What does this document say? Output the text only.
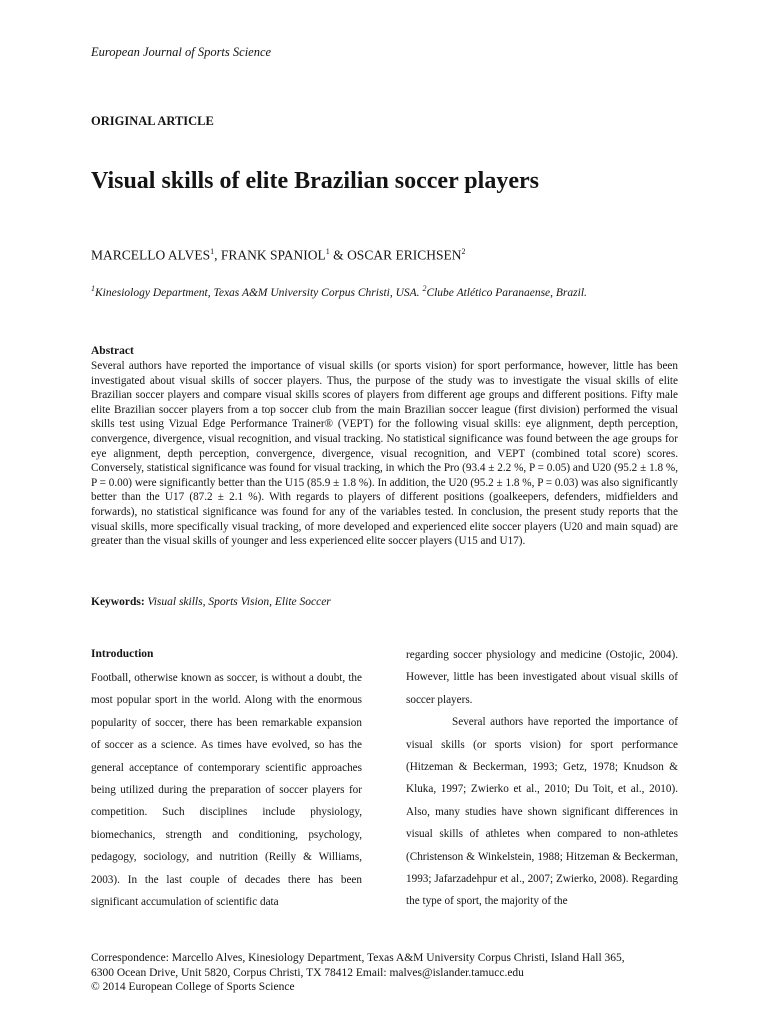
European Journal of Sports Science
ORIGINAL ARTICLE
Visual skills of elite Brazilian soccer players
MARCELLO ALVES$^1$, FRANK SPANIOL$^1$ & OSCAR ERICHSEN$^2$
$^1$Kinesiology Department, Texas A&M University Corpus Christi, USA. $^2$Clube Atlético Paranaense, Brazil.
Abstract

Several authors have reported the importance of visual skills (or sports vision) for sport performance, however, little has been investigated about visual skills of soccer players. Thus, the purpose of the study was to investigate the visual skills of elite Brazilian soccer players and compare visual skills scores of players from different age groups and different positions. Fifty male elite Brazilian soccer players from a top soccer club from the main Brazilian soccer league (first division) performed the visual skills test using Vizual Edge Performance Trainer® (VEPT) for the following visual skills: eye alignment, depth perception, convergence, divergence, visual recognition, and visual tracking. No statistical significance was found between the age groups for eye alignment, depth perception, convergence, divergence, visual recognition, and VEPT (combined total score) scores. Conversely, statistical significance was found for visual tracking, in which the Pro (93.4 ± 2.2 %, P = 0.05) and U20 (95.2 ± 1.8 %, P = 0.00) were significantly better than the U15 (85.9 ± 1.8 %). In addition, the U20 (95.2 ± 1.8 %, P = 0.03) was also significantly better than the U17 (87.2 ± 2.1 %). With regards to players of different positions (goalkeepers, defenders, midfielders and forwards), no statistical significance was found for any of the variables tested. In conclusion, the present study reports that the visual skills, more specifically visual tracking, of more developed and experienced elite soccer players (U20 and main squad) are greater than the visual skills of younger and less experienced elite soccer players (U15 and U17).

Keywords: Visual skills, Sports Vision, Elite Soccer
Introduction

Football, otherwise known as soccer, is without a doubt, the most popular sport in the world. Along with the enormous popularity of soccer, there has been remarkable expansion of soccer as a science. As times have evolved, so has the general acceptance of contemporary scientific approaches being utilized during the preparation of soccer players for competition. Such disciplines include physiology, biomechanics, strength and conditioning, psychology, pedagogy, sociology, and nutrition (Reilly & Williams, 2003). In the last couple of decades there has been significant accumulation of scientific data

regarding soccer physiology and medicine (Ostojic, 2004). However, little has been investigated about visual skills of soccer players.

Several authors have reported the importance of visual skills (or sports vision) for sport performance (Hitzeman & Beckerman, 1993; Getz, 1978; Knudson & Kluka, 1997; Zwierko et al., 2010; Du Toit, et al., 2010). Also, many studies have shown significant differences in visual skills of athletes when compared to non-athletes (Christenson & Winkelstein, 1988; Hitzeman & Beckerman, 1993; Jafarzadehpur et al., 2007; Zwierko, 2008). Regarding the type of sport, the majority of the

Correspondence: Marcello Alves, Kinesiology Department, Texas A&M University Corpus Christi, Island Hall 365,
6300 Ocean Drive, Unit 5820, Corpus Christi, TX 78412 Email: malves@islander.tamucc.edu
© 2014 European College of Sports Science
